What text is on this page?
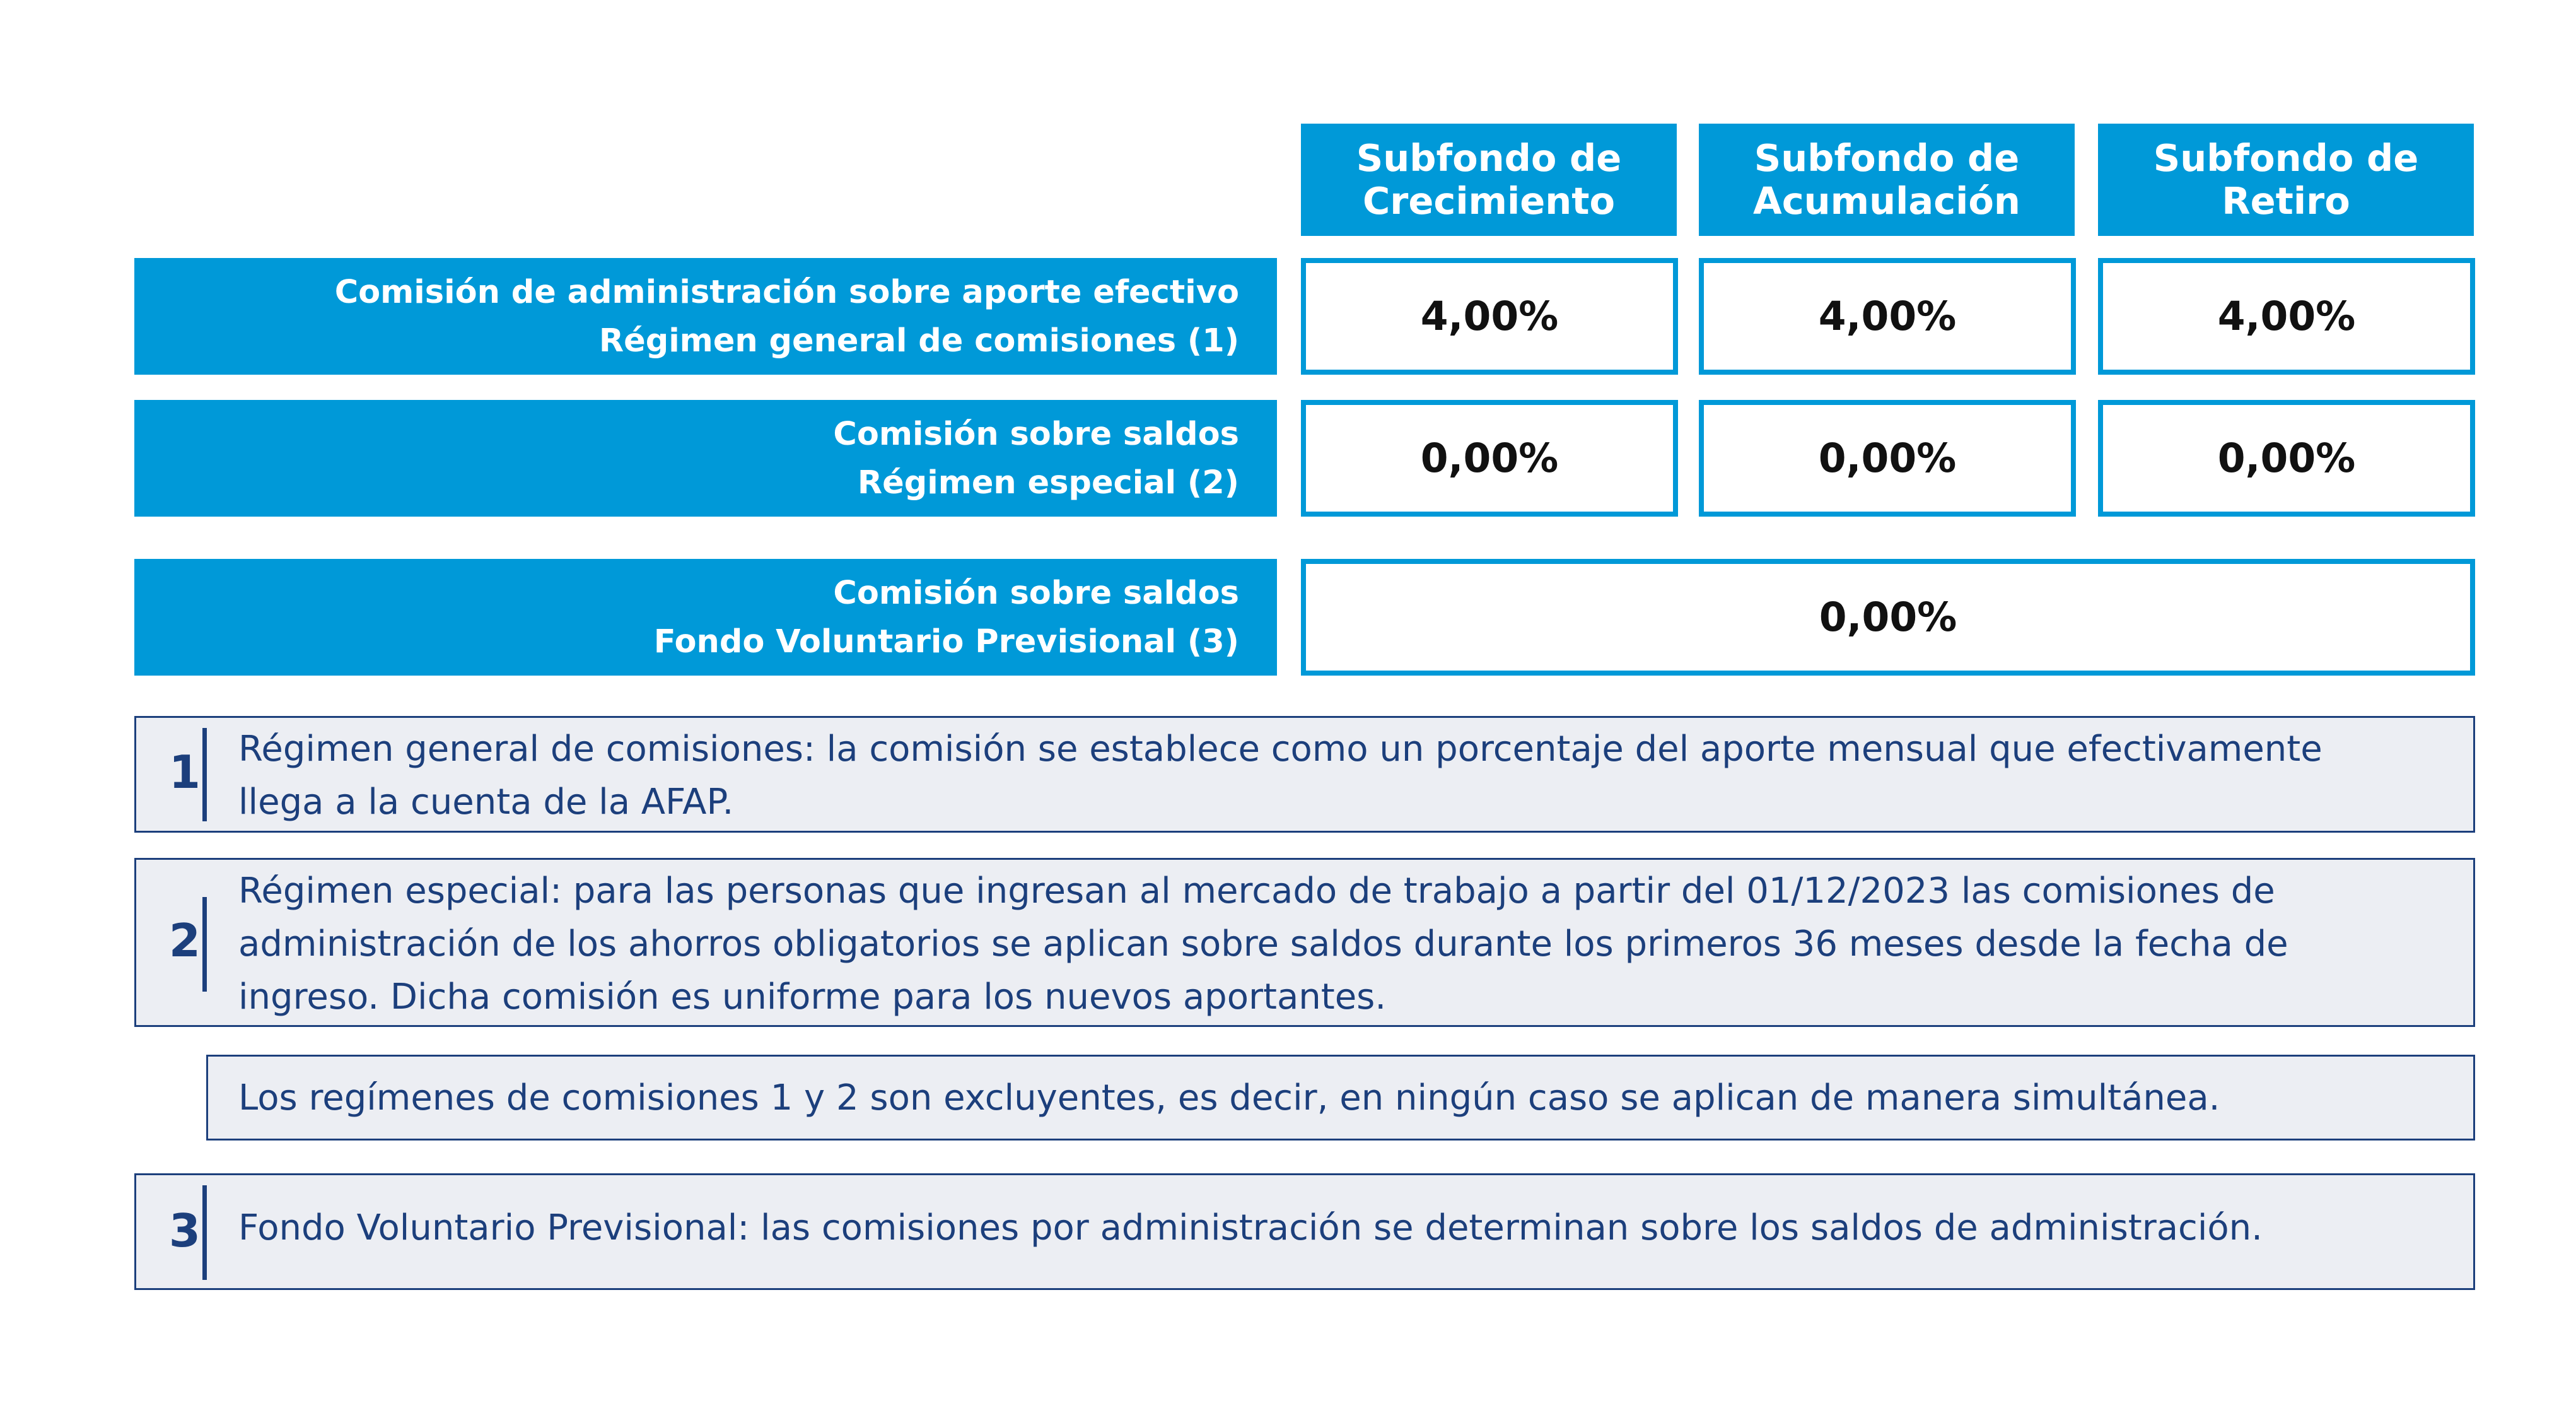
Subfondo de
Crecimiento
Subfondo de
Acumulación
Subfondo de
Retiro
Comisión de administración sobre aporte efectivo
Régimen general de comisiones (1)
4,00%	4,00%	4,00%
Comisión sobre saldos
Régimen especial (2)
0,00%	0,00%	0,00%
Comisión sobre saldos
Fondo Voluntario Previsional (3)
0,00%
1 Régimen general de comisiones: la comisión se establece como un porcentaje del aporte mensual que efectivamente
llega a la cuenta de la AFAP.
2
Régimen especial: para las personas que ingresan al mercado de trabajo a partir del 01/12/2023 las comisiones de
administración de los ahorros obligatorios se aplican sobre saldos durante los primeros 36 meses desde la fecha de
ingreso. Dicha comisión es uniforme para los nuevos aportantes.
Los regímenes de comisiones 1 y 2 son excluyentes, es decir, en ningún caso se aplican de manera simultánea.
3 Fondo Voluntario Previsional: las comisiones por administración se determinan sobre los saldos de administración.
